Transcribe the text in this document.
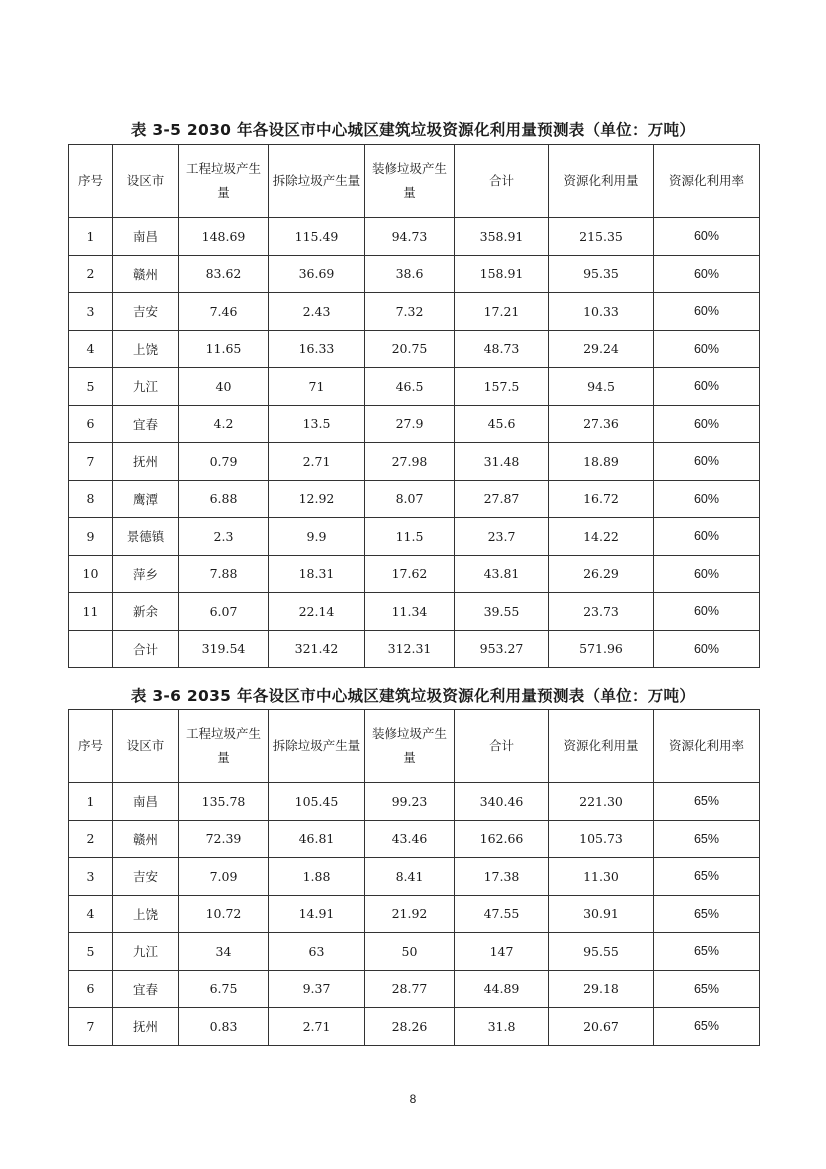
表 3-5 2030 年各设区市中心城区建筑垃圾资源化利用量预测表（单位：万吨）
序号	设区市	工程垃圾产生量	拆除垃圾产生量	装修垃圾产生量	合计	资源化利用量	资源化利用率
1	南昌	148.69	115.49	94.73	358.91	215.35	60%
2	赣州	83.62	36.69	38.6	158.91	95.35	60%
3	吉安	7.46	2.43	7.32	17.21	10.33	60%
4	上饶	11.65	16.33	20.75	48.73	29.24	60%
5	九江	40	71	46.5	157.5	94.5	60%
6	宜春	4.2	13.5	27.9	45.6	27.36	60%
7	抚州	0.79	2.71	27.98	31.48	18.89	60%
8	鹰潭	6.88	12.92	8.07	27.87	16.72	60%
9	景德镇	2.3	9.9	11.5	23.7	14.22	60%
10	萍乡	7.88	18.31	17.62	43.81	26.29	60%
11	新余	6.07	22.14	11.34	39.55	23.73	60%
	合计	319.54	321.42	312.31	953.27	571.96	60%
表 3-6 2035 年各设区市中心城区建筑垃圾资源化利用量预测表（单位：万吨）
序号	设区市	工程垃圾产生量	拆除垃圾产生量	装修垃圾产生量	合计	资源化利用量	资源化利用率
1	南昌	135.78	105.45	99.23	340.46	221.30	65%
2	赣州	72.39	46.81	43.46	162.66	105.73	65%
3	吉安	7.09	1.88	8.41	17.38	11.30	65%
4	上饶	10.72	14.91	21.92	47.55	30.91	65%
5	九江	34	63	50	147	95.55	65%
6	宜春	6.75	9.37	28.77	44.89	29.18	65%
7	抚州	0.83	2.71	28.26	31.8	20.67	65%
8
